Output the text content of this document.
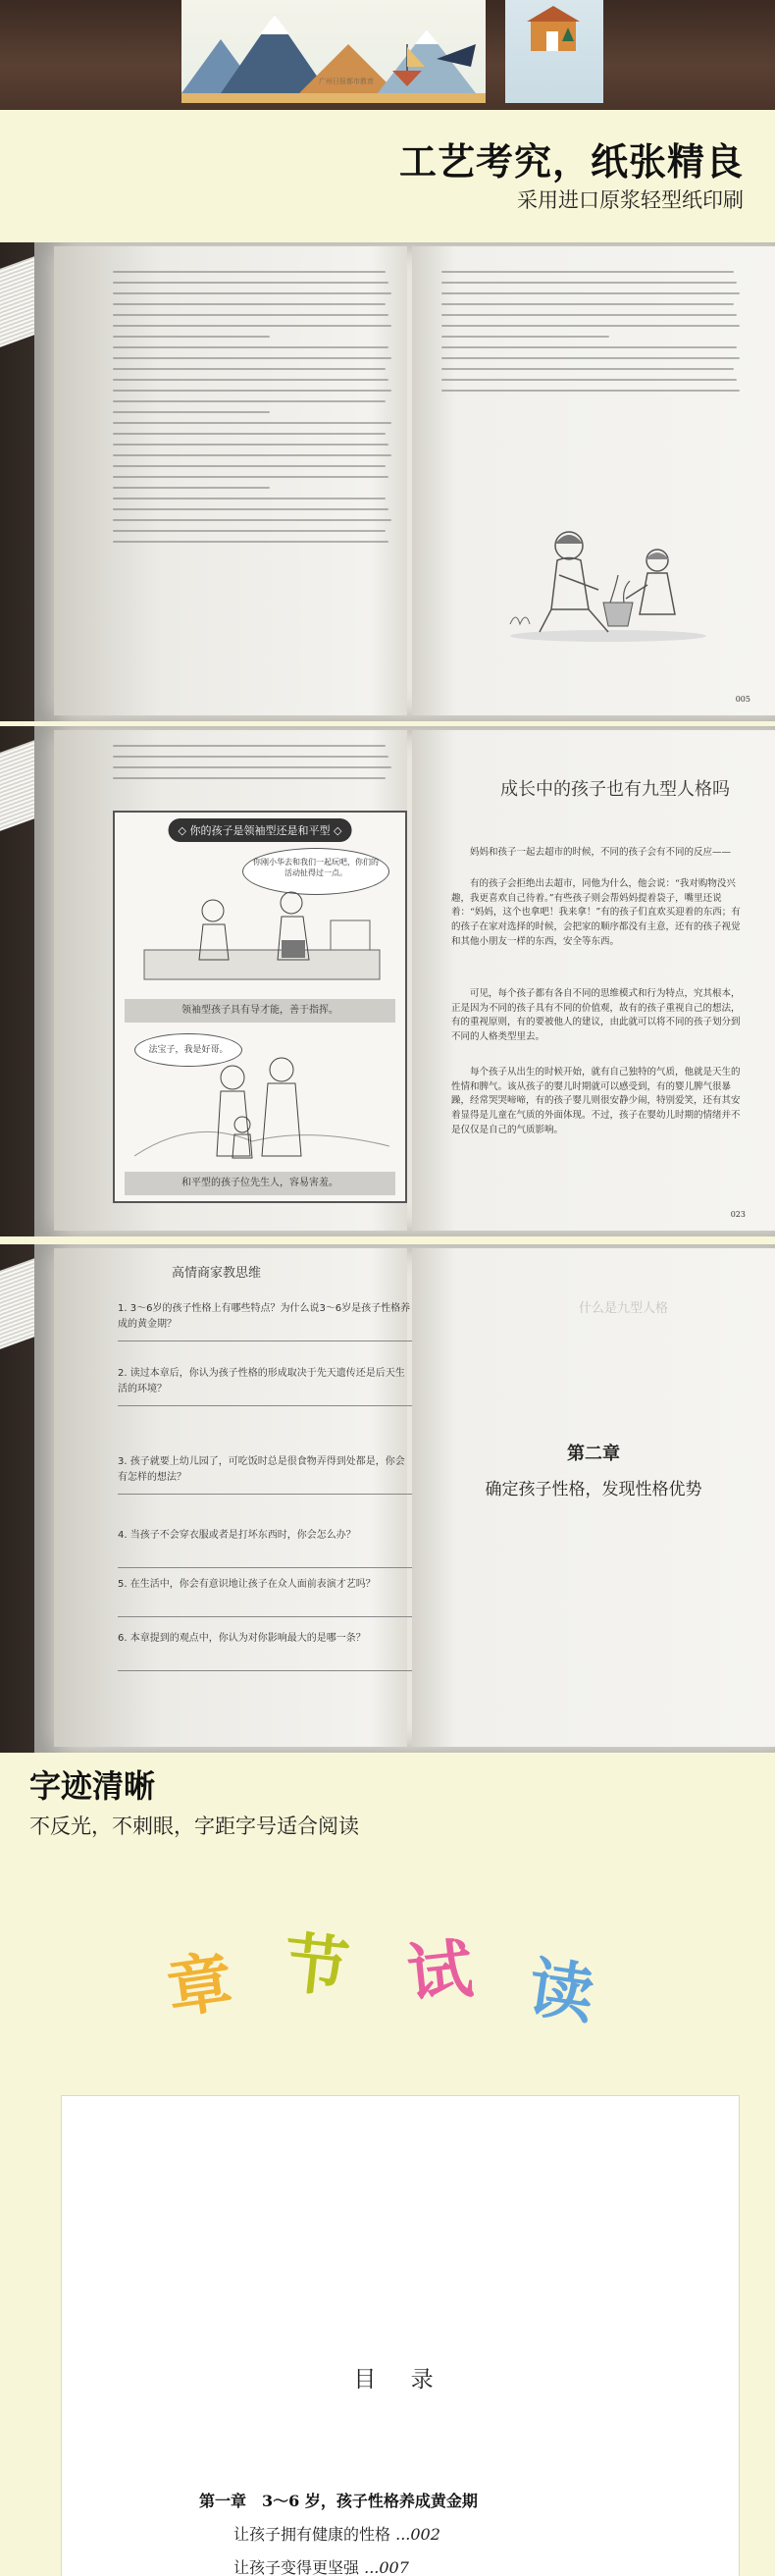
广州日报都市教育
工艺考究，纸张精良
采用进口原浆轻型纸印刷
005
◇ 你的孩子是领袖型还是和平型 ◇
你刚小华去和我们一起玩吧，你们的活动扯得过一点。
领袖型孩子具有导才能，善于指挥。
法宝子，我是好哥。
和平型的孩子位先生人，容易害羞。
成长中的孩子也有九型人格吗
妈妈和孩子一起去超市的时候，不同的孩子会有不同的反应——
有的孩子会拒绝出去超市，同他为什么，他会说：“我对购物没兴趣，我更喜欢自己待着。”有些孩子则会帮妈妈提着袋子，嘴里还说着：“妈妈，这个也拿吧！我来拿！”有的孩子们直欢买迎着的东西；有的孩子在家对选择的时候，会把家的顺序都没有主意，还有的孩子视觉和其他小朋友一样的东西，安全等东西。
可见，每个孩子都有各自不同的思维模式和行为特点，究其根本，正是因为不同的孩子具有不同的价值观，故有的孩子重视自己的想法，有的重视原则，有的要被他人的建议，由此就可以将不同的孩子划分到不同的人格类型里去。
每个孩子从出生的时候开始，就有自己独特的气质，他就是天生的性情和脾气。该从孩子的婴儿时期就可以感受到，有的婴儿脾气很暴躁，经常哭哭啼啼，有的孩子婴儿则很安静少闹，特别爱笑，还有其安着显得是儿童在气质的外面体现。不过，孩子在婴幼儿时期的情绪并不是仅仅是自己的气质影响。
023
高情商家教思维
1. 3～6岁的孩子性格上有哪些特点？为什么说3～6岁是孩子性格养成的黄金期？
2. 读过本章后，你认为孩子性格的形成取决于先天遗传还是后天生活的环境？
3. 孩子就要上幼儿园了，可吃饭时总是很食物弄得到处都是，你会有怎样的想法？
4. 当孩子不会穿衣服或者是打坏东西时，你会怎么办？
5. 在生活中，你会有意识地让孩子在众人面前表演才艺吗？
6. 本章提到的观点中，你认为对你影响最大的是哪一条？
什么是九型人格
第二章
确定孩子性格，发现性格优势
字迹清晰
不反光，不刺眼，字距字号适合阅读
章 节 试 读
目 录
第一章　3～6 岁，孩子性格养成黄金期
让孩子拥有健康的性格 ...002
让孩子变得更坚强 ...007
